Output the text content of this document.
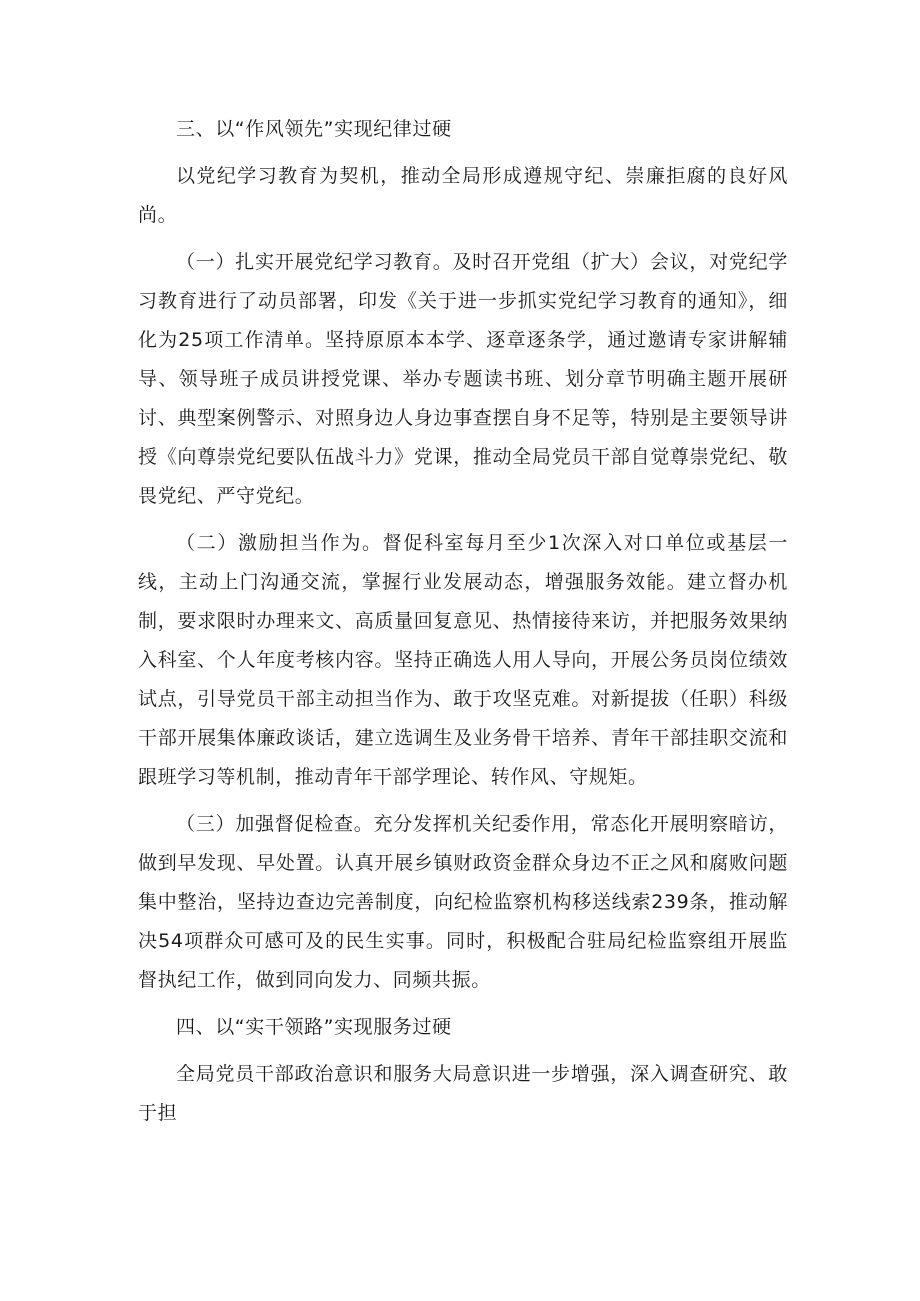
三、以“作风领先”实现纪律过硬

以党纪学习教育为契机，推动全局形成遵规守纪、崇廉拒腐的良好风尚。

（一）扎实开展党纪学习教育。及时召开党组（扩大）会议，对党纪学习教育进行了动员部署，印发《关于进一步抓实党纪学习教育的通知》，细化为25项工作清单。坚持原原本本学、逐章逐条学，通过邀请专家讲解辅导、领导班子成员讲授党课、举办专题读书班、划分章节明确主题开展研讨、典型案例警示、对照身边人身边事查摆自身不足等，特别是主要领导讲授《向尊崇党纪要队伍战斗力》党课，推动全局党员干部自觉尊崇党纪、敬畏党纪、严守党纪。

（二）激励担当作为。督促科室每月至少1次深入对口单位或基层一线，主动上门沟通交流，掌握行业发展动态，增强服务效能。建立督办机制，要求限时办理来文、高质量回复意见、热情接待来访，并把服务效果纳入科室、个人年度考核内容。坚持正确选人用人导向，开展公务员岗位绩效试点，引导党员干部主动担当作为、敢于攻坚克难。对新提拔（任职）科级干部开展集体廉政谈话，建立选调生及业务骨干培养、青年干部挂职交流和跟班学习等机制，推动青年干部学理论、转作风、守规矩。

（三）加强督促检查。充分发挥机关纪委作用，常态化开展明察暗访，做到早发现、早处置。认真开展乡镇财政资金群众身边不正之风和腐败问题集中整治，坚持边查边完善制度，向纪检监察机构移送线索239条，推动解决54项群众可感可及的民生实事。同时，积极配合驻局纪检监察组开展监督执纪工作，做到同向发力、同频共振。

四、以“实干领路”实现服务过硬

全局党员干部政治意识和服务大局意识进一步增强，深入调查研究、敢于担
